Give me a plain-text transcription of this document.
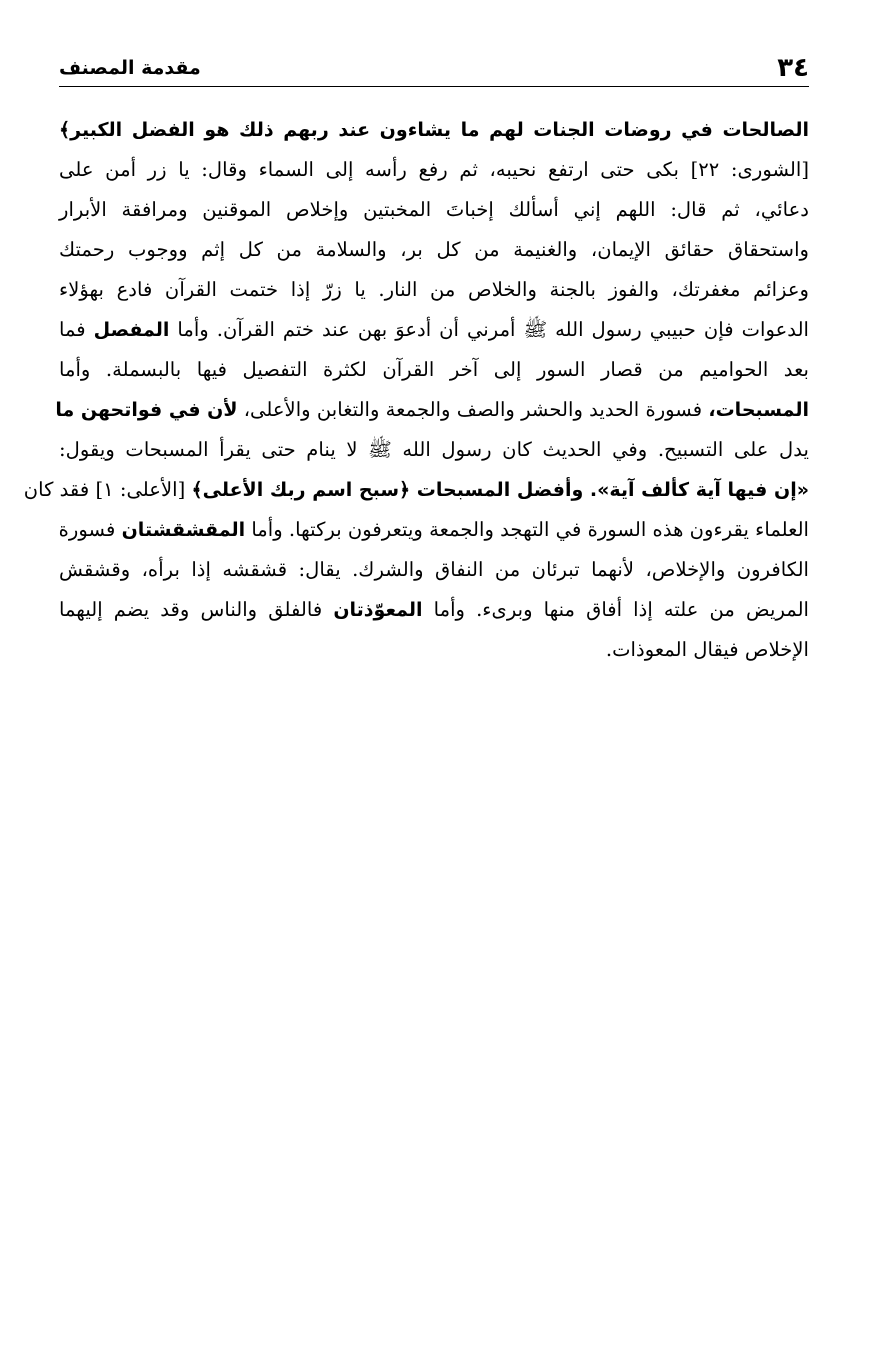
٣٤
مقدمة المصنف
الصالحات في روضات الجنات لهم ما يشاءون عند ربهم ذلك هو الفضل الكبير﴾
[الشورى: ٢٢] بكى حتى ارتفع نحيبه، ثم رفع رأسه إلى السماء وقال: يا زر أمن على
دعائي، ثم قال: اللهم إني أسألك إخباتَ المخبتين وإخلاص الموقنين ومرافقة الأبرار
واستحقاق حقائق الإيمان، والغنيمة من كل بر، والسلامة من كل إثم ووجوب رحمتك
وعزائم مغفرتك، والفوز بالجنة والخلاص من النار. يا زرّ إذا ختمت القرآن فادع بهؤلاء
الدعوات فإن حبيبي رسول الله ﷺ أمرني أن أدعوَ بهن عند ختم القرآن. وأما المفصل فما
بعد الحواميم من قصار السور إلى آخر القرآن لكثرة التفصيل فيها بالبسملة. وأما
المسبحات، فسورة الحديد والحشر والصف والجمعة والتغابن والأعلى، لأن في فواتحهن ما
يدل على التسبيح. وفي الحديث كان رسول الله ﷺ لا ينام حتى يقرأ المسبحات ويقول:
«إن فيها آية كألف آية». وأفضل المسبحات ﴿سبح اسم ربك الأعلى﴾ [الأعلى: ١] فقد كان
العلماء يقرءون هذه السورة في التهجد والجمعة ويتعرفون بركتها. وأما المقشقشتان فسورة
الكافرون والإخلاص، لأنهما تبرئان من النفاق والشرك. يقال: قشقشه إذا برأه، وقشقش
المريض من علته إذا أفاق منها وبرىء. وأما المعوّذتان فالفلق والناس وقد يضم إليهما
الإخلاص فيقال المعوذات.
